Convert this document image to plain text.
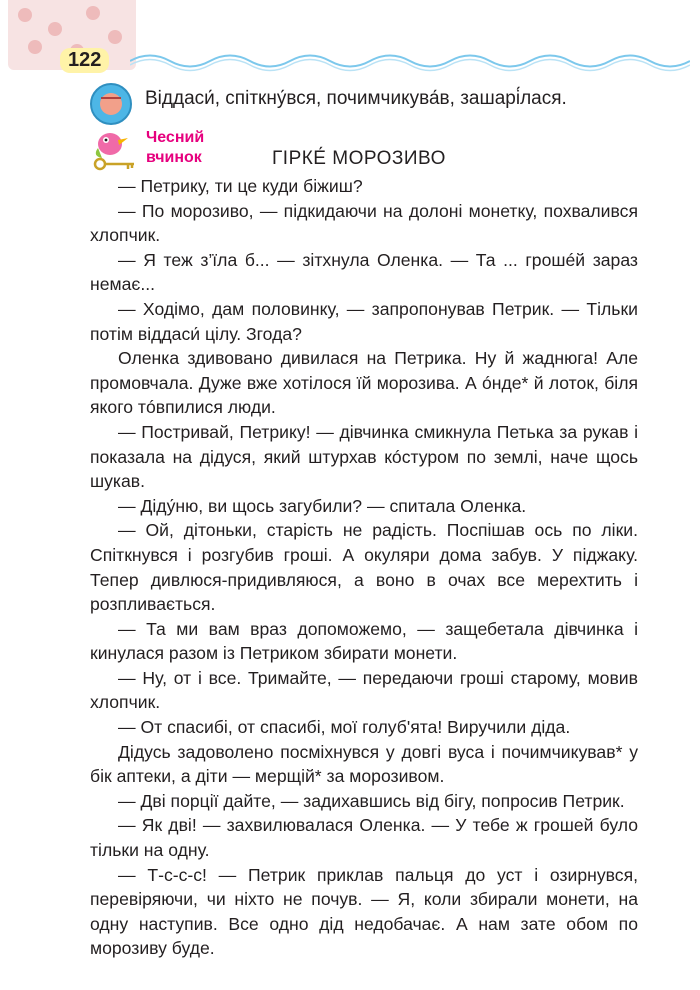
122
Віддаси́, спіткну́вся, почимчикува́в, зашарі́лася.
Чесний
вчинок	ГІРКЕ́ МОРОЗИВО

— Петрику, ти це куди біжиш?

— По морозиво, — підкидаючи на долоні монетку, похвалився хлопчик.

— Я теж з’їла б... — зітхнула Оленка. — Та ... грошéй зараз немає...

— Ходімо, дам половинку, — запропонував Петрик. — Тільки потім віддаси́ цілу. Згода?

Оленка здивовано дивилася на Петрика. Ну й жаднюга! Але промовчала. Дуже вже хотілося їй морозива. А óнде* й лоток, біля якого тóвпилися люди.

— Постривай, Петрику! — дівчинка смикнула Петька за рукав і показала на дідуся, який штурхав кóстуром по землі, наче щось шукав.

— Діду́ню, ви щось загубили? — спитала Оленка.

— Ой, дітоньки, старість не радість. Поспішав ось по ліки. Спіткнувся і розгубив гроші. А окуляри дома забув. У піджаку. Тепер дивлюся-придивляюся, а воно в очах все мерехтить і розпливається.

— Та ми вам враз допоможемо, — защебетала дівчинка і кинулася разом із Петриком збирати монети.

— Ну, от і все. Тримайте, — передаючи гроші старому, мовив хлопчик.

— От спасибі, от спасибі, мої голуб'ята! Виручили діда.

Дідусь задоволено посміхнувся у довгі вуса і почимчикував* у бік аптеки, а діти — мерщій* за морозивом.

— Дві порції дайте, — задихавшись від бігу, попросив Петрик.

— Як дві! — захвилювалася Оленка. — У тебе ж грошей було тільки на одну.

— Т-с-с-с! — Петрик приклав пальця до уст і озирнувся, перевіряючи, чи ніхто не почув. — Я, коли збирали монети, на одну наступив. Все одно дід недобачає. А нам зате обом по морозиву буде.
